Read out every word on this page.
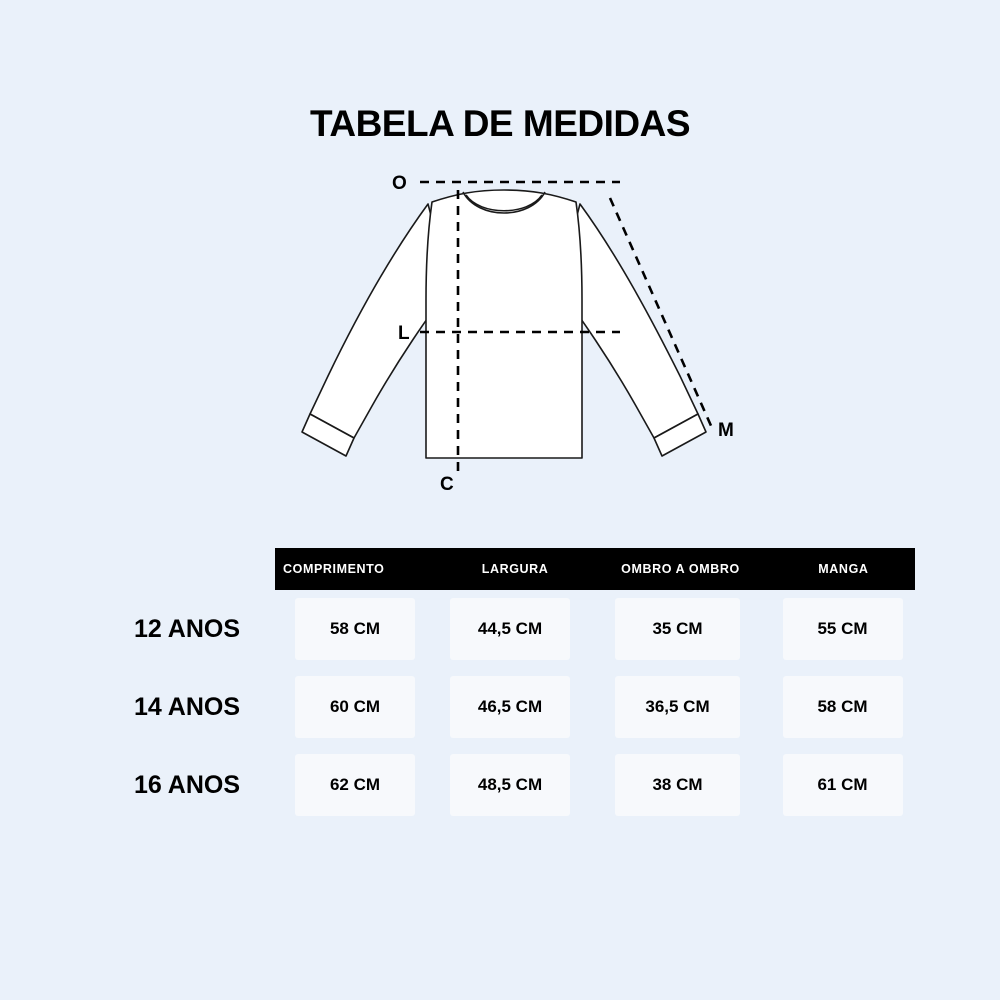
TABELA DE MEDIDAS
O
L
C
M
COMPRIMENTO	LARGURA	OMBRO A OMBRO	MANGA
12 ANOS	58 CM	44,5 CM	35 CM	55 CM
14 ANOS	60 CM	46,5 CM	36,5 CM	58 CM
16 ANOS	62 CM	48,5 CM	38 CM	61 CM
